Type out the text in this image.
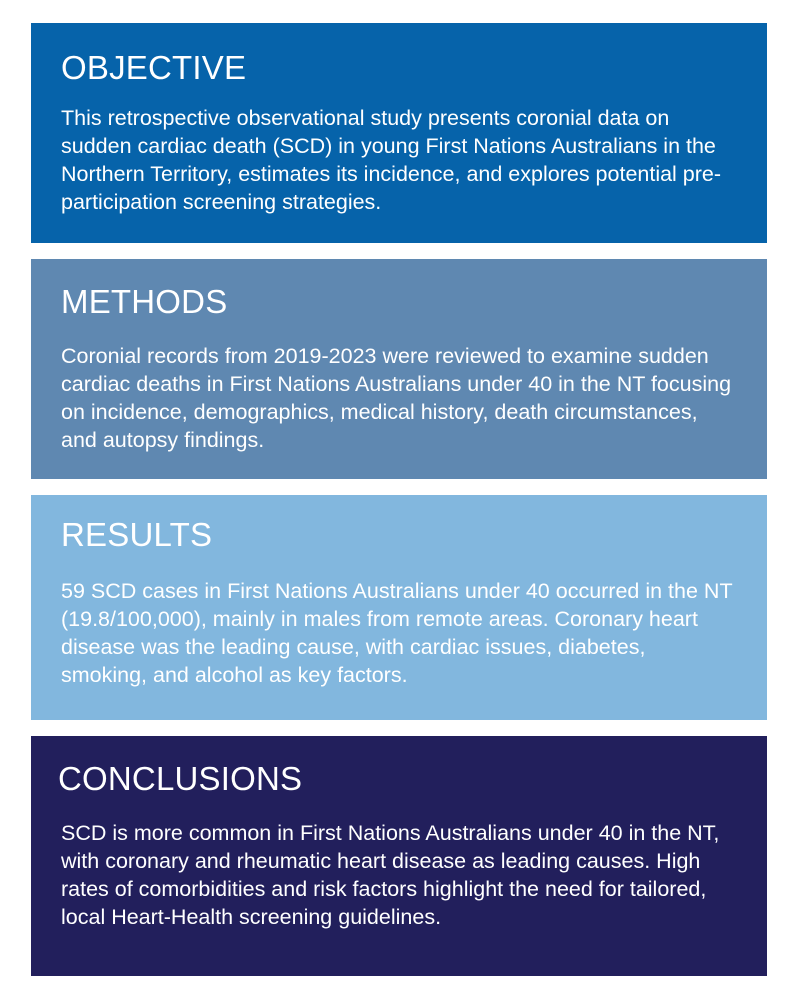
OBJECTIVE

This retrospective observational study presents coronial data on sudden cardiac death (SCD) in young First Nations Australians in the Northern Territory, estimates its incidence, and explores potential pre-participation screening strategies.

METHODS

Coronial records from 2019-2023 were reviewed to examine sudden cardiac deaths in First Nations Australians under 40 in the NT focusing on incidence, demographics, medical history, death circumstances, and autopsy findings.

RESULTS

59 SCD cases in First Nations Australians under 40 occurred in the NT (19.8/100,000), mainly in males from remote areas. Coronary heart disease was the leading cause, with cardiac issues, diabetes, smoking, and alcohol as key factors.

CONCLUSIONS

SCD is more common in First Nations Australians under 40 in the NT, with coronary and rheumatic heart disease as leading causes. High rates of comorbidities and risk factors highlight the need for tailored, local Heart-Health screening guidelines.
